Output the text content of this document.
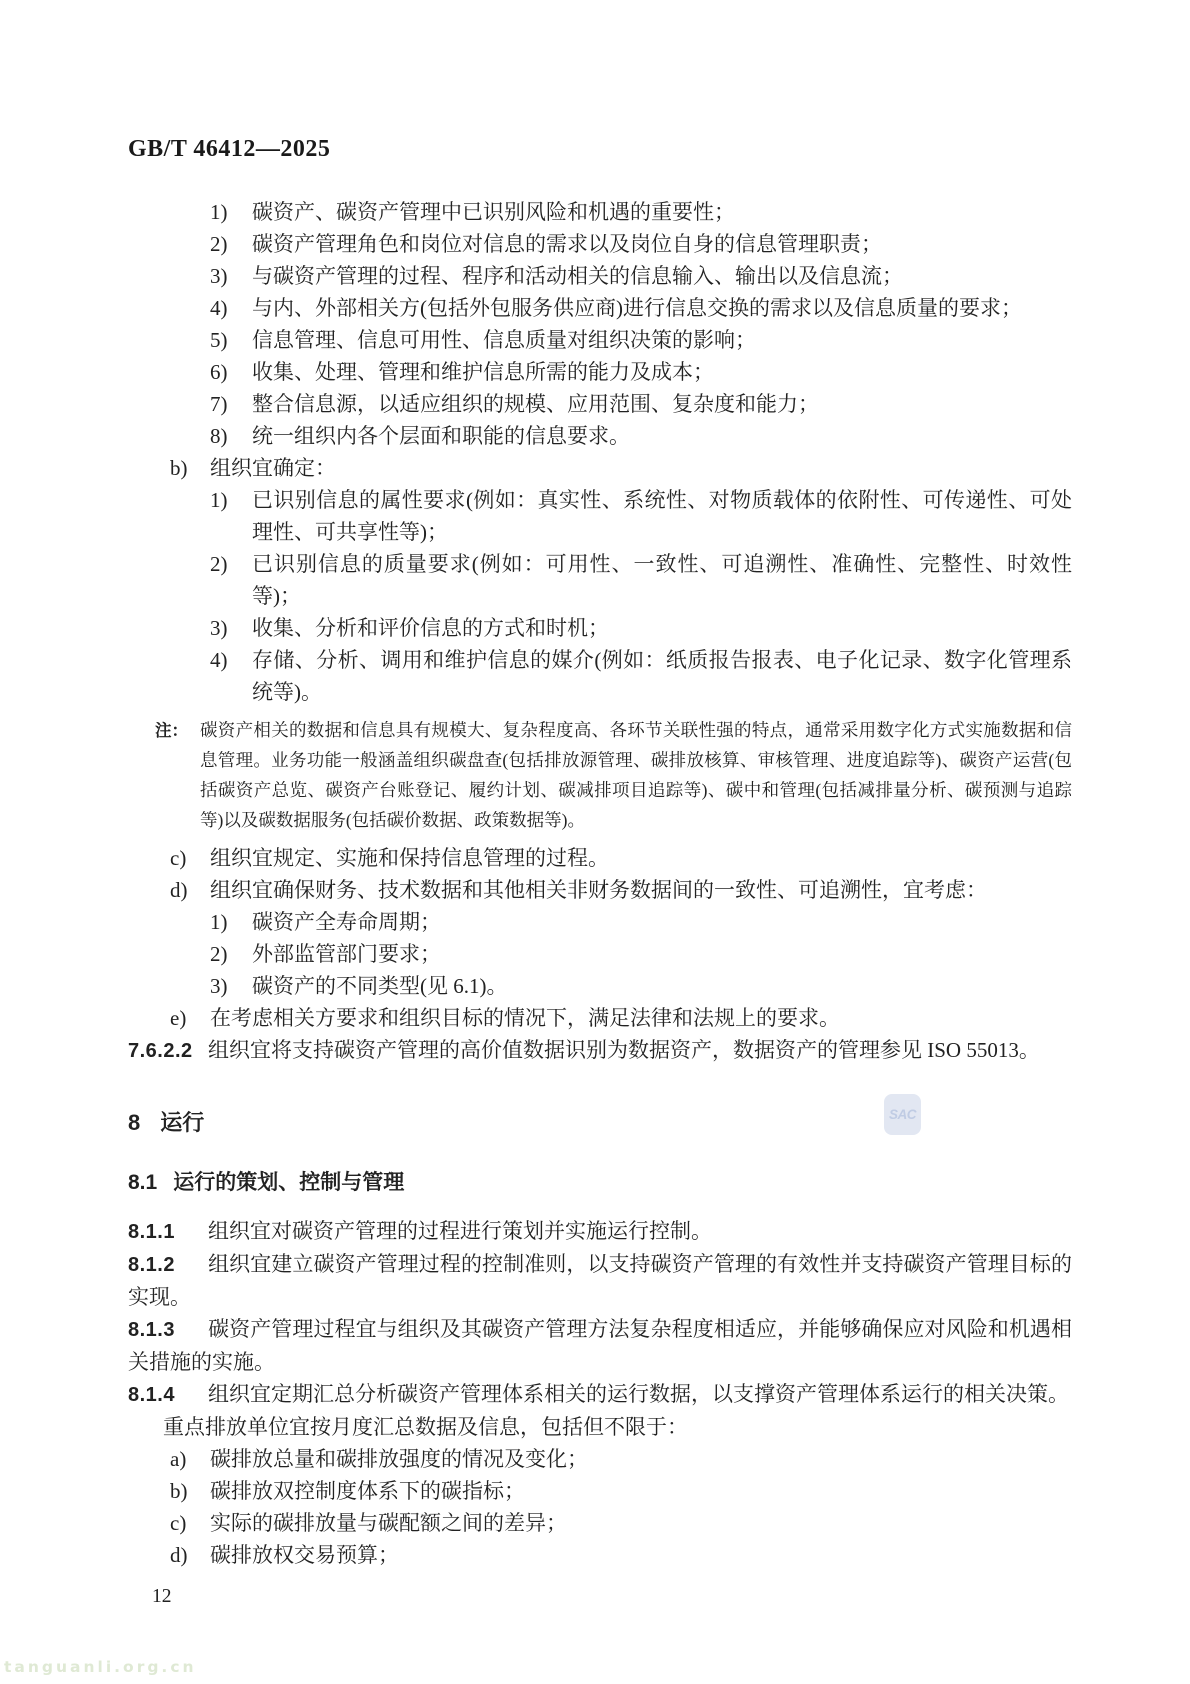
GB/T 46412—2025
1) 碳资产、碳资产管理中已识别风险和机遇的重要性；
2) 碳资产管理角色和岗位对信息的需求以及岗位自身的信息管理职责；
3) 与碳资产管理的过程、程序和活动相关的信息输入、输出以及信息流；
4) 与内、外部相关方(包括外包服务供应商)进行信息交换的需求以及信息质量的要求；
5) 信息管理、信息可用性、信息质量对组织决策的影响；
6) 收集、处理、管理和维护信息所需的能力及成本；
7) 整合信息源，以适应组织的规模、应用范围、复杂度和能力；
8) 统一组织内各个层面和职能的信息要求。
b) 组织宜确定：
1) 已识别信息的属性要求(例如：真实性、系统性、对物质载体的依附性、可传递性、可处理性、可共享性等)；
2) 已识别信息的质量要求(例如：可用性、一致性、可追溯性、准确性、完整性、时效性等)；
3) 收集、分析和评价信息的方式和时机；
4) 存储、分析、调用和维护信息的媒介(例如：纸质报告报表、电子化记录、数字化管理系统等)。
注： 碳资产相关的数据和信息具有规模大、复杂程度高、各环节关联性强的特点，通常采用数字化方式实施数据和信息管理。业务功能一般涵盖组织碳盘查(包括排放源管理、碳排放核算、审核管理、进度追踪等)、碳资产运营(包括碳资产总览、碳资产台账登记、履约计划、碳减排项目追踪等)、碳中和管理(包括减排量分析、碳预测与追踪等)以及碳数据服务(包括碳价数据、政策数据等)。
c) 组织宜规定、实施和保持信息管理的过程。
d) 组织宜确保财务、技术数据和其他相关非财务数据间的一致性、可追溯性，宜考虑：
1) 碳资产全寿命周期；
2) 外部监管部门要求；
3) 碳资产的不同类型(见 6.1)。
e) 在考虑相关方要求和组织目标的情况下，满足法律和法规上的要求。
7.6.2.2 组织宜将支持碳资产管理的高价值数据识别为数据资产，数据资产的管理参见 ISO 55013。
8 运行
8.1 运行的策划、控制与管理
8.1.1 组织宜对碳资产管理的过程进行策划并实施运行控制。
8.1.2 组织宜建立碳资产管理过程的控制准则，以支持碳资产管理的有效性并支持碳资产管理目标的实现。
8.1.3 碳资产管理过程宜与组织及其碳资产管理方法复杂程度相适应，并能够确保应对风险和机遇相关措施的实施。
8.1.4 组织宜定期汇总分析碳资产管理体系相关的运行数据，以支撑资产管理体系运行的相关决策。
重点排放单位宜按月度汇总数据及信息，包括但不限于：
a) 碳排放总量和碳排放强度的情况及变化；
b) 碳排放双控制度体系下的碳指标；
c) 实际的碳排放量与碳配额之间的差异；
d) 碳排放权交易预算；
12
SAC
tanguanli.org.cn
